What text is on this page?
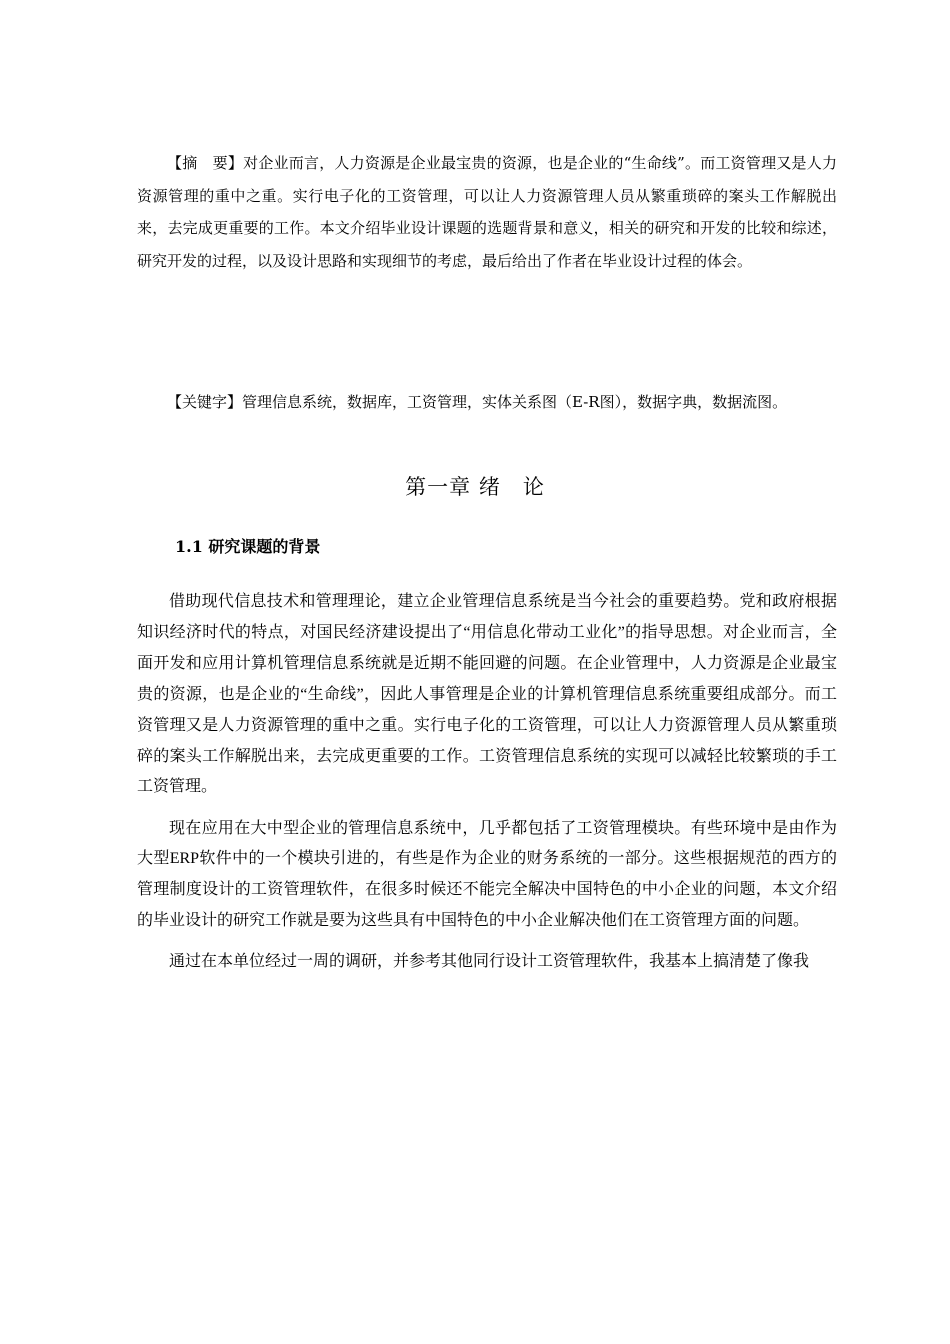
【摘　要】对企业而言，人力资源是企业最宝贵的资源，也是企业的“生命线”。而工资管理又是人力资源管理的重中之重。实行电子化的工资管理，可以让人力资源管理人员从繁重琐碎的案头工作解脱出来，去完成更重要的工作。本文介绍毕业设计课题的选题背景和意义，相关的研究和开发的比较和综述，研究开发的过程，以及设计思路和实现细节的考虑，最后给出了作者在毕业设计过程的体会。

【关键字】管理信息系统，数据库，工资管理，实体关系图（E-R图），数据字典，数据流图。

第一章 绪　论
1.1 研究课题的背景

借助现代信息技术和管理理论，建立企业管理信息系统是当今社会的重要趋势。党和政府根据知识经济时代的特点，对国民经济建设提出了“用信息化带动工业化”的指导思想。对企业而言，全面开发和应用计算机管理信息系统就是近期不能回避的问题。在企业管理中，人力资源是企业最宝贵的资源，也是企业的“生命线”，因此人事管理是企业的计算机管理信息系统重要组成部分。而工资管理又是人力资源管理的重中之重。实行电子化的工资管理，可以让人力资源管理人员从繁重琐碎的案头工作解脱出来，去完成更重要的工作。工资管理信息系统的实现可以减轻比较繁琐的手工工资管理。

现在应用在大中型企业的管理信息系统中，几乎都包括了工资管理模块。有些环境中是由作为大型ERP软件中的一个模块引进的，有些是作为企业的财务系统的一部分。这些根据规范的西方的管理制度设计的工资管理软件，在很多时候还不能完全解决中国特色的中小企业的问题，本文介绍的毕业设计的研究工作就是要为这些具有中国特色的中小企业解决他们在工资管理方面的问题。

通过在本单位经过一周的调研，并参考其他同行设计工资管理软件，我基本上搞清楚了像我
